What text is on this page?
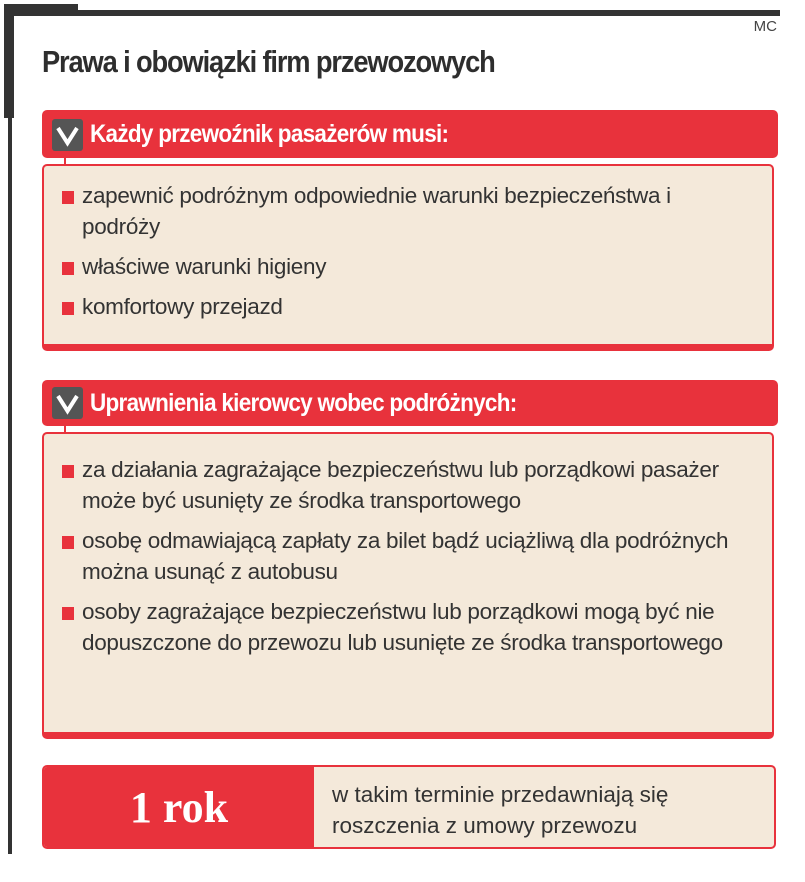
MC
Prawa i obowiązki firm przewozowych
Każdy przewoźnik pasażerów musi:
zapewnić podróżnym odpowiednie warunki bezpieczeństwa i podróży
właściwe warunki higieny
komfortowy przejazd
Uprawnienia kierowcy wobec podróżnych:
za działania zagrażające bezpieczeństwu lub porządkowi pasażer może być usunięty ze środka transportowego
osobę odmawiającą zapłaty za bilet bądź uciążliwą dla podróżnych można usunąć z autobusu
osoby zagrażające bezpieczeństwu lub porządkowi mogą być nie dopuszczone do przewozu lub usunięte ze środka transportowego
1 rok	w takim terminie przedawniają się roszczenia z umowy przewozu
